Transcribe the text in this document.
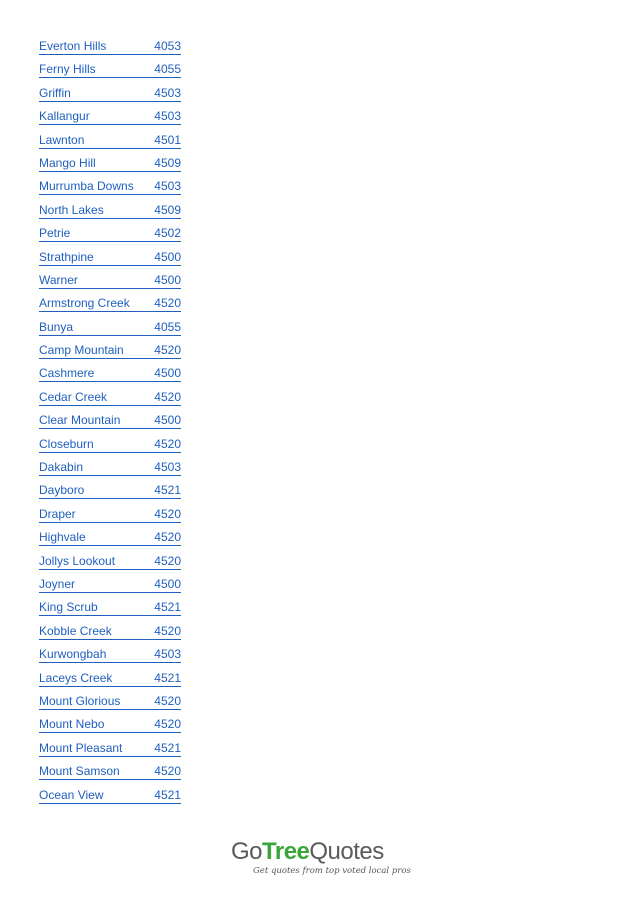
Everton Hills	4053
Ferny Hills	4055
Griffin	4503
Kallangur	4503
Lawnton	4501
Mango Hill	4509
Murrumba Downs 4503
North Lakes	4509
Petrie	4502
Strathpine	4500
Warner	4500
Armstrong Creek 4520
Bunya	4055
Camp Mountain	4520
Cashmere	4500
Cedar Creek	4520
Clear Mountain	4500
Closeburn	4520
Dakabin	4503
Dayboro	4521
Draper	4520
Highvale	4520
Jollys Lookout	4520
Joyner	4500
King Scrub	4521
Kobble Creek	4520
Kurwongbah	4503
Laceys Creek	4521
Mount Glorious	4520
Mount Nebo	4520
Mount Pleasant	4521
Mount Samson	4520
Ocean View	4521
GoTreeQuotes
Get quotes from top voted local pros
